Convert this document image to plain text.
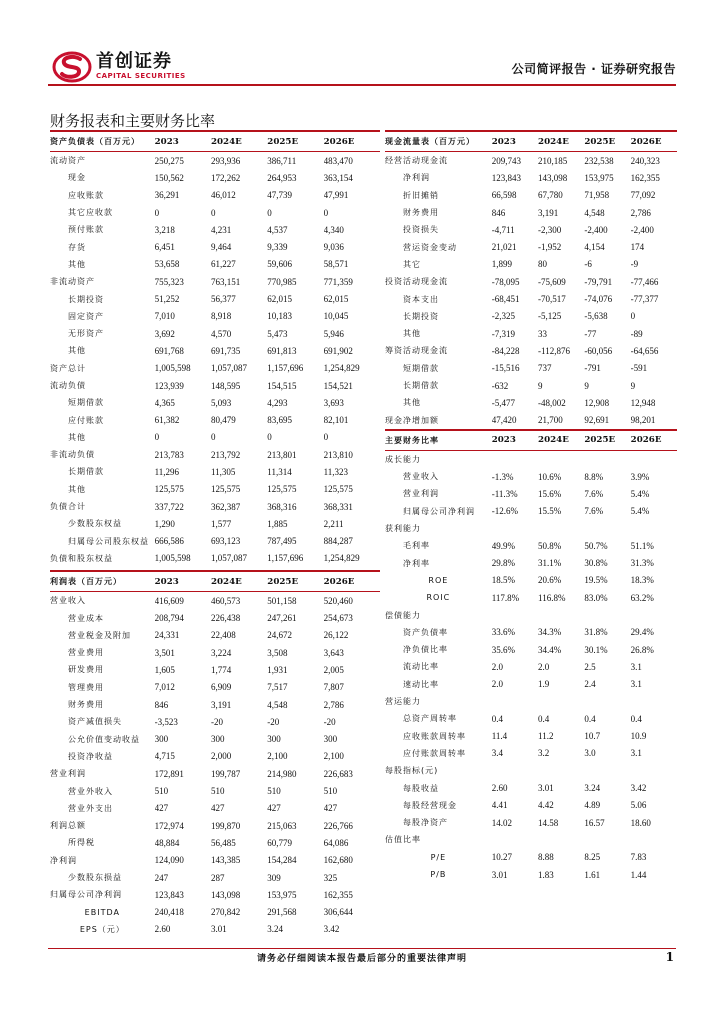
首创证券
CAPITAL SECURITIES	公司简评报告 · 证券研究报告
财务报表和主要财务比率
资产负债表（百万元）	2023	2024E	2025E	2026E
流动资产	250,275	293,936	386,711	483,470
现金	150,562	172,262	264,953	363,154
应收账款	36,291	46,012	47,739	47,991
其它应收款	0	0	0	0
预付账款	3,218	4,231	4,537	4,340
存货	6,451	9,464	9,339	9,036
其他	53,658	61,227	59,606	58,571
非流动资产	755,323	763,151	770,985	771,359
长期投资	51,252	56,377	62,015	62,015
固定资产	7,010	8,918	10,183	10,045
无形资产	3,692	4,570	5,473	5,946
其他	691,768	691,735	691,813	691,902
资产总计	1,005,598	1,057,087	1,157,696	1,254,829
流动负债	123,939	148,595	154,515	154,521
短期借款	4,365	5,093	4,293	3,693
应付账款	61,382	80,479	83,695	82,101
其他	0	0	0	0
非流动负债	213,783	213,792	213,801	213,810
长期借款	11,296	11,305	11,314	11,323
其他	125,575	125,575	125,575	125,575
负债合计	337,722	362,387	368,316	368,331
少数股东权益	1,290	1,577	1,885	2,211
归属母公司股东权益	666,586	693,123	787,495	884,287
负债和股东权益	1,005,598	1,057,087	1,157,696	1,254,829
利润表（百万元）	2023	2024E	2025E	2026E
营业收入	416,609	460,573	501,158	520,460
营业成本	208,794	226,438	247,261	254,673
营业税金及附加	24,331	22,408	24,672	26,122
营业费用	3,501	3,224	3,508	3,643
研发费用	1,605	1,774	1,931	2,005
管理费用	7,012	6,909	7,517	7,807
财务费用	846	3,191	4,548	2,786
资产减值损失	-3,523	-20	-20	-20
公允价值变动收益	300	300	300	300
投资净收益	4,715	2,000	2,100	2,100
营业利润	172,891	199,787	214,980	226,683
营业外收入	510	510	510	510
营业外支出	427	427	427	427
利润总额	172,974	199,870	215,063	226,766
所得税	48,884	56,485	60,779	64,086
净利润	124,090	143,385	154,284	162,680
少数股东损益	247	287	309	325
归属母公司净利润	123,843	143,098	153,975	162,355
EBITDA	240,418	270,842	291,568	306,644
EPS（元）	2.60	3.01	3.24	3.42
现金流量表（百万元）	2023	2024E	2025E	2026E
经营活动现金流	209,743	210,185	232,538	240,323
净利润	123,843	143,098	153,975	162,355
折旧摊销	66,598	67,780	71,958	77,092
财务费用	846	3,191	4,548	2,786
投资损失	-4,711	-2,300	-2,400	-2,400
营运资金变动	21,021	-1,952	4,154	174
其它	1,899	80	-6	-9
投资活动现金流	-78,095	-75,609	-79,791	-77,466
资本支出	-68,451	-70,517	-74,076	-77,377
长期投资	-2,325	-5,125	-5,638	0
其他	-7,319	33	-77	-89
筹资活动现金流	-84,228	-112,876	-60,056	-64,656
短期借款	-15,516	737	-791	-591
长期借款	-632	9	9	9
其他	-5,477	-48,002	12,908	12,948
现金净增加额	47,420	21,700	92,691	98,201
主要财务比率	2023	2024E	2025E	2026E
成长能力				
营业收入	-1.3%	10.6%	8.8%	3.9%
营业利润	-11.3%	15.6%	7.6%	5.4%
归属母公司净利润	-12.6%	15.5%	7.6%	5.4%
获利能力				
毛利率	49.9%	50.8%	50.7%	51.1%
净利率	29.8%	31.1%	30.8%	31.3%
ROE	18.5%	20.6%	19.5%	18.3%
ROIC	117.8%	116.8%	83.0%	63.2%
偿债能力				
资产负债率	33.6%	34.3%	31.8%	29.4%
净负债比率	35.6%	34.4%	30.1%	26.8%
流动比率	2.0	2.0	2.5	3.1
速动比率	2.0	1.9	2.4	3.1
营运能力				
总资产周转率	0.4	0.4	0.4	0.4
应收账款周转率	11.4	11.2	10.7	10.9
应付账款周转率	3.4	3.2	3.0	3.1
每股指标(元)				
每股收益	2.60	3.01	3.24	3.42
每股经营现金	4.41	4.42	4.89	5.06
每股净资产	14.02	14.58	16.57	18.60
估值比率				
P/E	10.27	8.88	8.25	7.83
P/B	3.01	1.83	1.61	1.44
请务必仔细阅读本报告最后部分的重要法律声明	1
